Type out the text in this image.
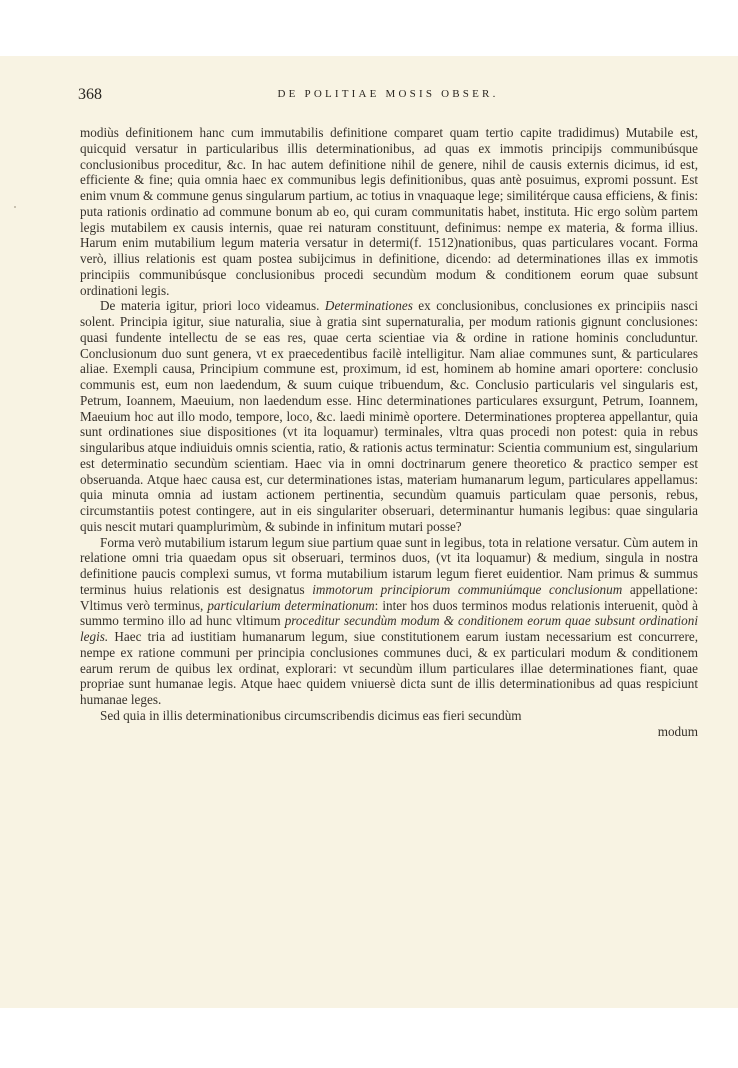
368	DE POLITIAE MOSIS OBSER.

modiùs definitionem hanc cum immutabilis definitione comparet quam tertio capite tradidimus) Mutabile est, quicquid versatur in particularibus illis determinationibus, ad quas ex immotis principijs communibúsque conclusionibus proceditur, &c. In hac autem definitione nihil de genere, nihil de causis externis dicimus, id est, efficiente & fine; quia omnia haec ex communibus legis definitionibus, quas antè posuimus, expromi possunt. Est enim vnum & commune genus singularum partium, ac totius in vnaquaque lege; similitérque causa efficiens, & finis: puta rationis ordinatio ad commune bonum ab eo, qui curam communitatis habet, instituta. Hic ergo solùm partem legis mutabilem ex causis internis, quae rei naturam constituunt, definimus: nempe ex materia, & forma illius. Harum enim mutabilium legum materia versatur in determi(f. 1512)nationibus, quas particulares vocant. Forma verò, illius relationis est quam postea subijcimus in definitione, dicendo: ad determinationes illas ex immotis principiis communibúsque conclusionibus procedi secundùm modum & conditionem eorum quae subsunt ordinationi legis.

De materia igitur, priori loco videamus. Determinationes ex conclusionibus, conclusiones ex principiis nasci solent. Principia igitur, siue naturalia, siue à gratia sint supernaturalia, per modum rationis gignunt conclusiones: quasi fundente intellectu de se eas res, quae certa scientiae via & ordine in ratione hominis concluduntur. Conclusionum duo sunt genera, vt ex praecedentibus facilè intelligitur. Nam aliae communes sunt, & particulares aliae. Exempli causa, Principium commune est, proximum, id est, hominem ab homine amari oportere: conclusio communis est, eum non laedendum, & suum cuique tribuendum, &c. Conclusio particularis vel singularis est, Petrum, Ioannem, Maeuium, non laedendum esse. Hinc determinationes particulares exsurgunt, Petrum, Ioannem, Maeuium hoc aut illo modo, tempore, loco, &c. laedi minimè oportere. Determinationes propterea appellantur, quia sunt ordinationes siue dispositiones (vt ita loquamur) terminales, vltra quas procedi non potest: quia in rebus singularibus atque indiuiduis omnis scientia, ratio, & rationis actus terminatur: Scientia communium est, singularium est determinatio secundùm scientiam. Haec via in omni doctrinarum genere theoretico & practico semper est obseruanda. Atque haec causa est, cur determinationes istas, materiam humanarum legum, particulares appellamus: quia minuta omnia ad iustam actionem pertinentia, secundùm quamuis particulam quae personis, rebus, circumstantiis potest contingere, aut in eis singulariter obseruari, determinantur humanis legibus: quae singularia quis nescit mutari quamplurimùm, & subinde in infinitum mutari posse?

Forma verò mutabilium istarum legum siue partium quae sunt in legibus, tota in relatione versatur. Cùm autem in relatione omni tria quaedam opus sit obseruari, terminos duos, (vt ita loquamur) & medium, singula in nostra definitione paucis complexi sumus, vt forma mutabilium istarum legum fieret euidentior. Nam primus & summus terminus huius relationis est designatus immotorum principiorum communiúmque conclusionum appellatione: Vltimus verò terminus, particularium determinationum: inter hos duos terminos modus relationis interuenit, quòd à summo termino illo ad hunc vltimum proceditur secundùm modum & conditionem eorum quae subsunt ordinationi legis. Haec tria ad iustitiam humanarum legum, siue constitutionem earum iustam necessarium est concurrere, nempe ex ratione communi per principia conclusiones communes duci, & ex particulari modum & conditionem earum rerum de quibus lex ordinat, explorari: vt secundùm illum particulares illae determinationes fiant, quae propriae sunt humanae legis. Atque haec quidem vniuersè dicta sunt de illis determinationibus ad quas respiciunt humanae leges.

Sed quia in illis determinationibus circumscribendis dicimus eas fieri secundùm

modum
